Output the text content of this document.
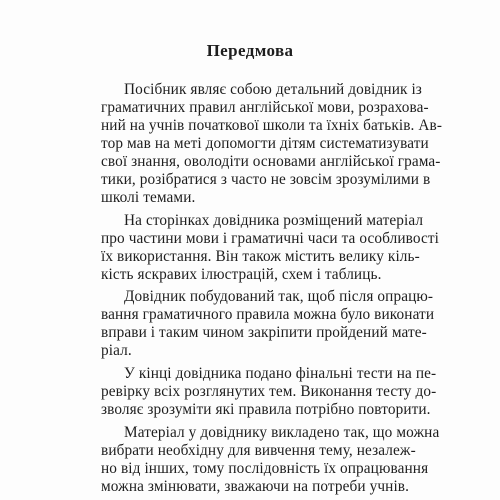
Передмова
Посібник являє собою детальний довідник із
граматичних правил англійської мови, розрахова-
ний на учнів початкової школи та їхніх батьків. Ав-
тор мав на меті допомогти дітям систематизувати
свої знання, оволодіти основами англійської грама-
тики, розібратися з часто не зовсім зрозумілими в
школі темами.
На сторінках довідника розміщений матеріал
про частини мови і граматичні часи та особливості
їх використання. Він також містить велику кіль-
кість яскравих ілюстрацій, схем і таблиць.
Довідник побудований так, щоб після опрацю-
вання граматичного правила можна було виконати
вправи і таким чином закріпити пройдений мате-
ріал.
У кінці довідника подано фінальні тести на пе-
ревірку всіх розглянутих тем. Виконання тесту до-
зволяє зрозуміти які правила потрібно повторити.
Матеріал у довіднику викладено так, що можна
вибрати необхідну для вивчення тему, незалеж-
но від інших, тому послідовність їх опрацювання
можна змінювати, зважаючи на потреби учнів.
